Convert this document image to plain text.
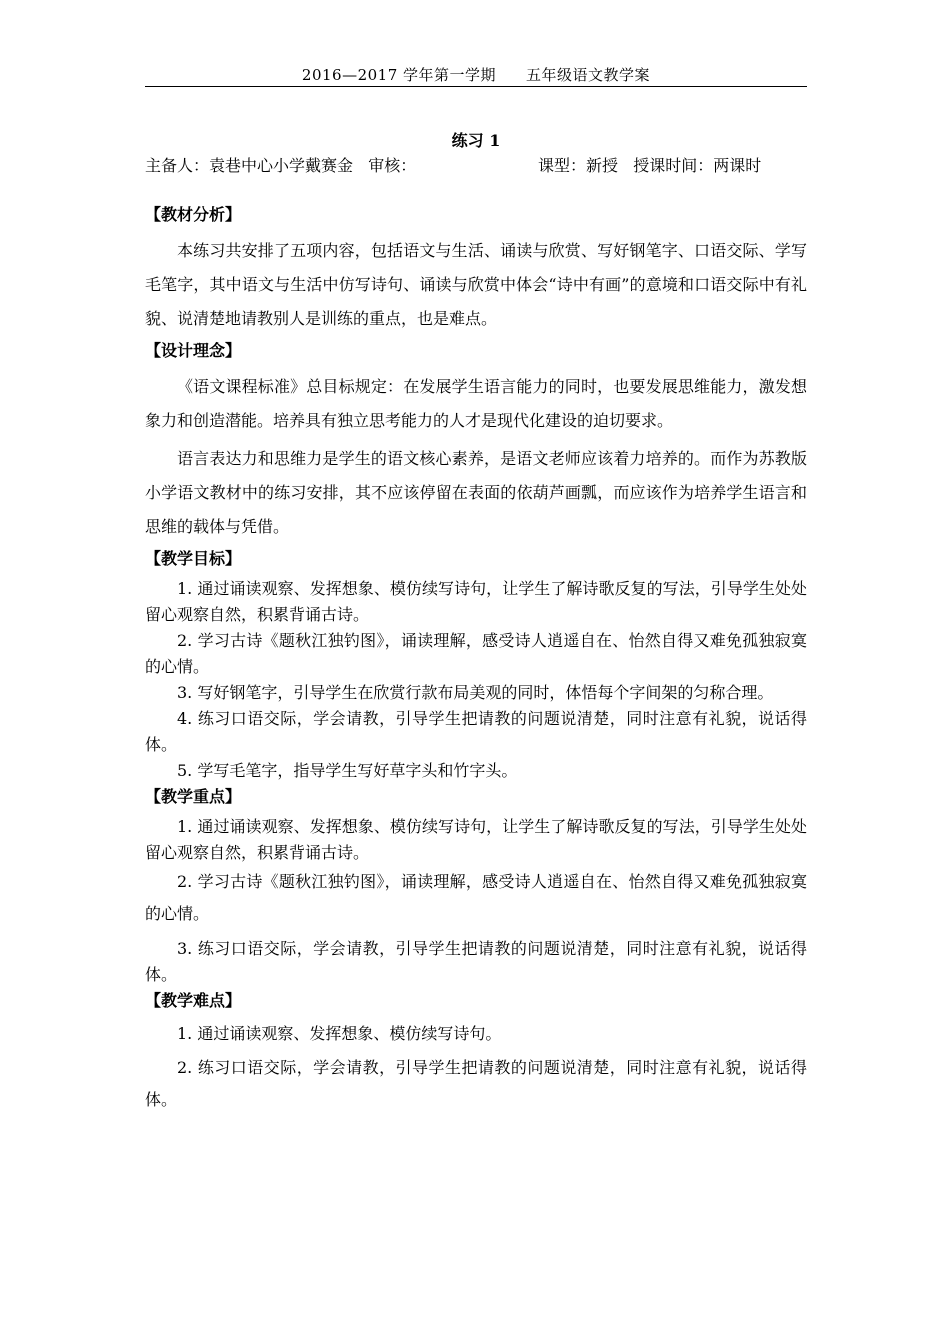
2016—2017 学年第一学期 五年级语文教学案
练习 1
主备人：袁巷中心小学戴赛金 审核：	课型：新授 授课时间：两课时
【教材分析】

本练习共安排了五项内容，包括语文与生活、诵读与欣赏、写好钢笔字、口语交际、学写毛笔字，其中语文与生活中仿写诗句、诵读与欣赏中体会“诗中有画”的意境和口语交际中有礼貌、说清楚地请教别人是训练的重点，也是难点。

【设计理念】

《语文课程标准》总目标规定：在发展学生语言能力的同时，也要发展思维能力，激发想象力和创造潜能。培养具有独立思考能力的人才是现代化建设的迫切要求。

语言表达力和思维力是学生的语文核心素养，是语文老师应该着力培养的。而作为苏教版小学语文教材中的练习安排，其不应该停留在表面的依葫芦画瓢，而应该作为培养学生语言和思维的载体与凭借。

【教学目标】

1. 通过诵读观察、发挥想象、模仿续写诗句，让学生了解诗歌反复的写法，引导学生处处留心观察自然，积累背诵古诗。

2. 学习古诗《题秋江独钓图》，诵读理解，感受诗人逍遥自在、怡然自得又难免孤独寂寞的心情。

3. 写好钢笔字，引导学生在欣赏行款布局美观的同时，体悟每个字间架的匀称合理。

4. 练习口语交际，学会请教，引导学生把请教的问题说清楚，同时注意有礼貌，说话得体。

5. 学写毛笔字，指导学生写好草字头和竹字头。

【教学重点】

1. 通过诵读观察、发挥想象、模仿续写诗句，让学生了解诗歌反复的写法，引导学生处处留心观察自然，积累背诵古诗。

2. 学习古诗《题秋江独钓图》，诵读理解，感受诗人逍遥自在、怡然自得又难免孤独寂寞的心情。

3. 练习口语交际，学会请教，引导学生把请教的问题说清楚，同时注意有礼貌，说话得体。

【教学难点】

1. 通过诵读观察、发挥想象、模仿续写诗句。

2. 练习口语交际，学会请教，引导学生把请教的问题说清楚，同时注意有礼貌，说话得体。
